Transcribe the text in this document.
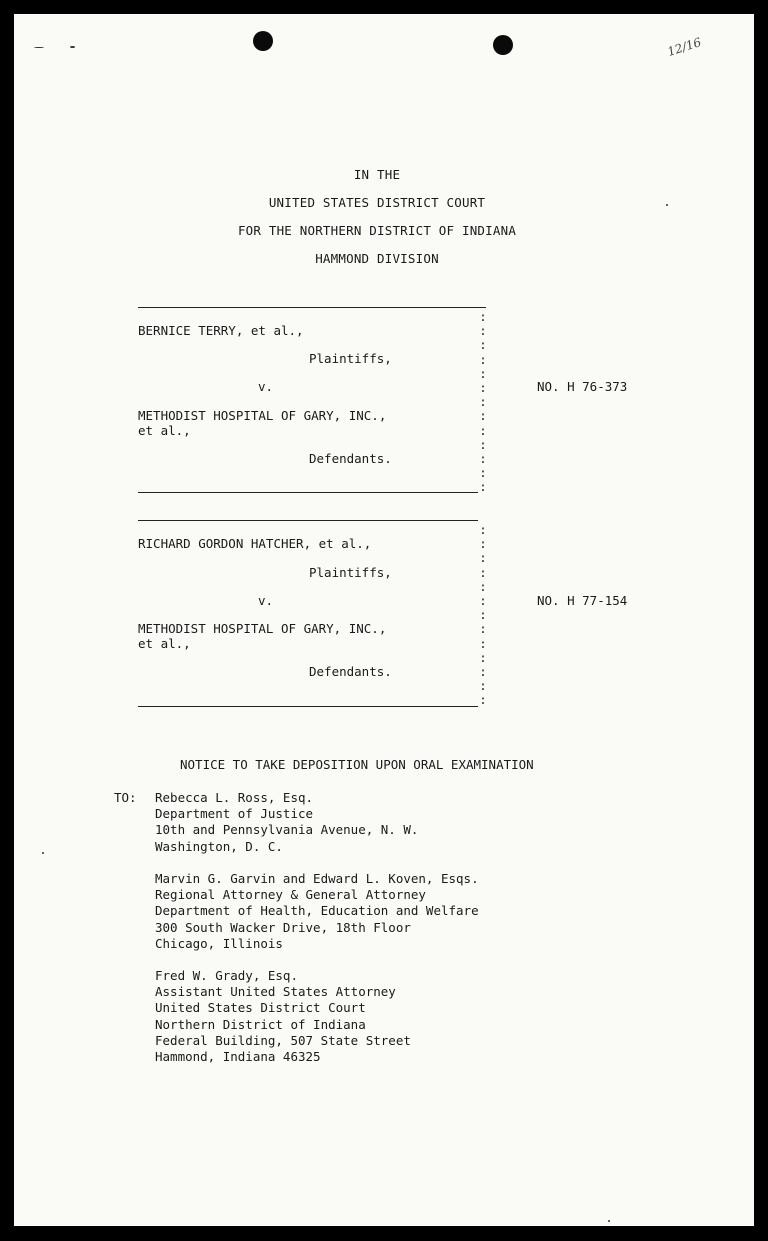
12/16
IN THE
UNITED STATES DISTRICT COURT
FOR THE NORTHERN DISTRICT OF INDIANA
HAMMOND DIVISION
:
:
:
:
:
:
:
:
:
:
:
:
:
BERNICE TERRY, et al.,
Plaintiffs,
v.	NO. H 76-373
METHODIST HOSPITAL OF GARY, INC.,
et al.,
Defendants.
:
:
:
:
:
:
:
:
:
:
:
:
:
RICHARD GORDON HATCHER, et al.,
Plaintiffs,
v.	NO. H 77-154
METHODIST HOSPITAL OF GARY, INC.,
et al.,
Defendants.
NOTICE TO TAKE DEPOSITION UPON ORAL EXAMINATION
TO: Rebecca L. Ross, Esq.
Department of Justice
10th and Pennsylvania Avenue, N. W.
Washington, D. C.
Marvin G. Garvin and Edward L. Koven, Esqs.
Regional Attorney & General Attorney
Department of Health, Education and Welfare
300 South Wacker Drive, 18th Floor
Chicago, Illinois
Fred W. Grady, Esq.
Assistant United States Attorney
United States District Court
Northern District of Indiana
Federal Building, 507 State Street
Hammond, Indiana 46325
